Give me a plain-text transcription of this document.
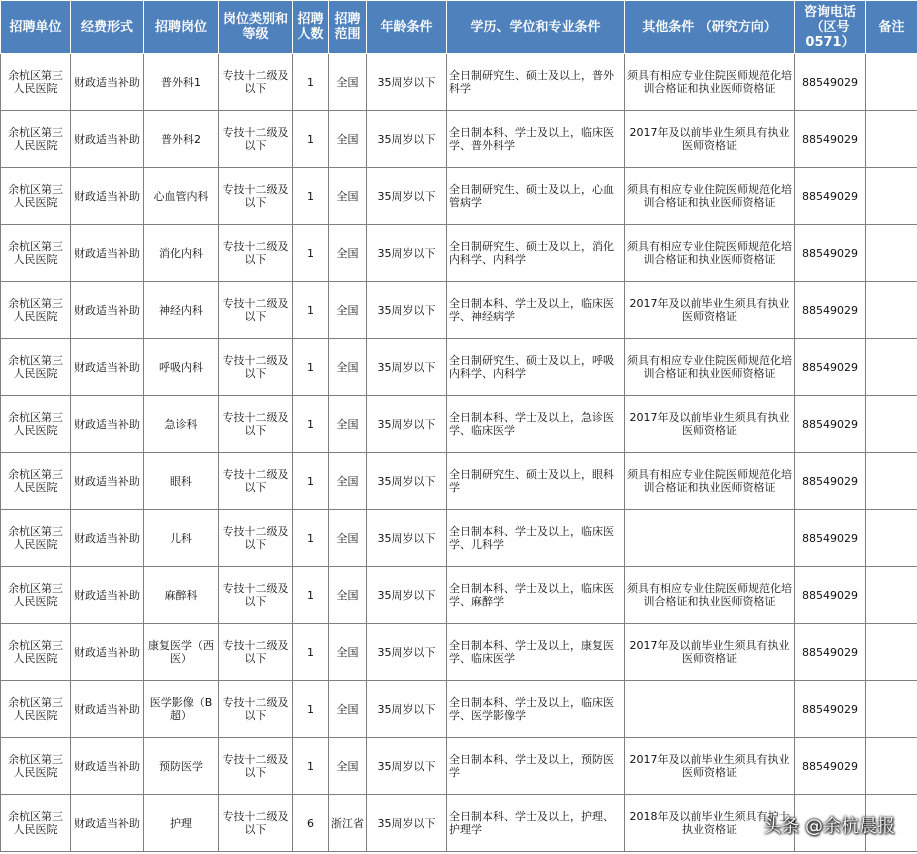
招聘单位	经费形式	招聘岗位	岗位类别和等级	招聘人数	招聘范围	年龄条件	学历、学位和专业条件	其他条件 （研究方向）	咨询电话（区号0571）	备注
余杭区第三人民医院	财政适当补助	普外科1	专技十二级及以下	1	全国	35周岁以下	全日制研究生、硕士及以上，普外科学	须具有相应专业住院医师规范化培训合格证和执业医师资格证	88549029	
余杭区第三人民医院	财政适当补助	普外科2	专技十二级及以下	1	全国	35周岁以下	全日制本科、学士及以上，临床医学、普外科学	2017年及以前毕业生须具有执业医师资格证	88549029	
余杭区第三人民医院	财政适当补助	心血管内科	专技十二级及以下	1	全国	35周岁以下	全日制研究生、硕士及以上，心血管病学	须具有相应专业住院医师规范化培训合格证和执业医师资格证	88549029	
余杭区第三人民医院	财政适当补助	消化内科	专技十二级及以下	1	全国	35周岁以下	全日制研究生、硕士及以上，消化内科学、内科学	须具有相应专业住院医师规范化培训合格证和执业医师资格证	88549029	
余杭区第三人民医院	财政适当补助	神经内科	专技十二级及以下	1	全国	35周岁以下	全日制本科、学士及以上，临床医学、神经病学	2017年及以前毕业生须具有执业医师资格证	88549029	
余杭区第三人民医院	财政适当补助	呼吸内科	专技十二级及以下	1	全国	35周岁以下	全日制研究生、硕士及以上，呼吸内科学、内科学	须具有相应专业住院医师规范化培训合格证和执业医师资格证	88549029	
余杭区第三人民医院	财政适当补助	急诊科	专技十二级及以下	1	全国	35周岁以下	全日制本科、学士及以上，急诊医学、临床医学	2017年及以前毕业生须具有执业医师资格证	88549029	
余杭区第三人民医院	财政适当补助	眼科	专技十二级及以下	1	全国	35周岁以下	全日制研究生、硕士及以上，眼科学	须具有相应专业住院医师规范化培训合格证和执业医师资格证	88549029	
余杭区第三人民医院	财政适当补助	儿科	专技十二级及以下	1	全国	35周岁以下	全日制本科、学士及以上，临床医学、儿科学		88549029	
余杭区第三人民医院	财政适当补助	麻醉科	专技十二级及以下	1	全国	35周岁以下	全日制本科、学士及以上，临床医学、麻醉学	须具有相应专业住院医师规范化培训合格证和执业医师资格证	88549029	
余杭区第三人民医院	财政适当补助	康复医学（西医）	专技十二级及以下	1	全国	35周岁以下	全日制本科、学士及以上，康复医学、临床医学	2017年及以前毕业生须具有执业医师资格证	88549029	
余杭区第三人民医院	财政适当补助	医学影像（B超）	专技十二级及以下	1	全国	35周岁以下	全日制本科、学士及以上，临床医学、医学影像学		88549029	
余杭区第三人民医院	财政适当补助	预防医学	专技十二级及以下	1	全国	35周岁以下	全日制本科、学士及以上，预防医学	2017年及以前毕业生须具有执业医师资格证	88549029	
余杭区第三人民医院	财政适当补助	护理	专技十二级及以下	6	浙江省	35周岁以下	全日制本科、学士及以上，护理、护理学	2018年及以前毕业生须具有护士执业资格证		头条 @余杭晨报
